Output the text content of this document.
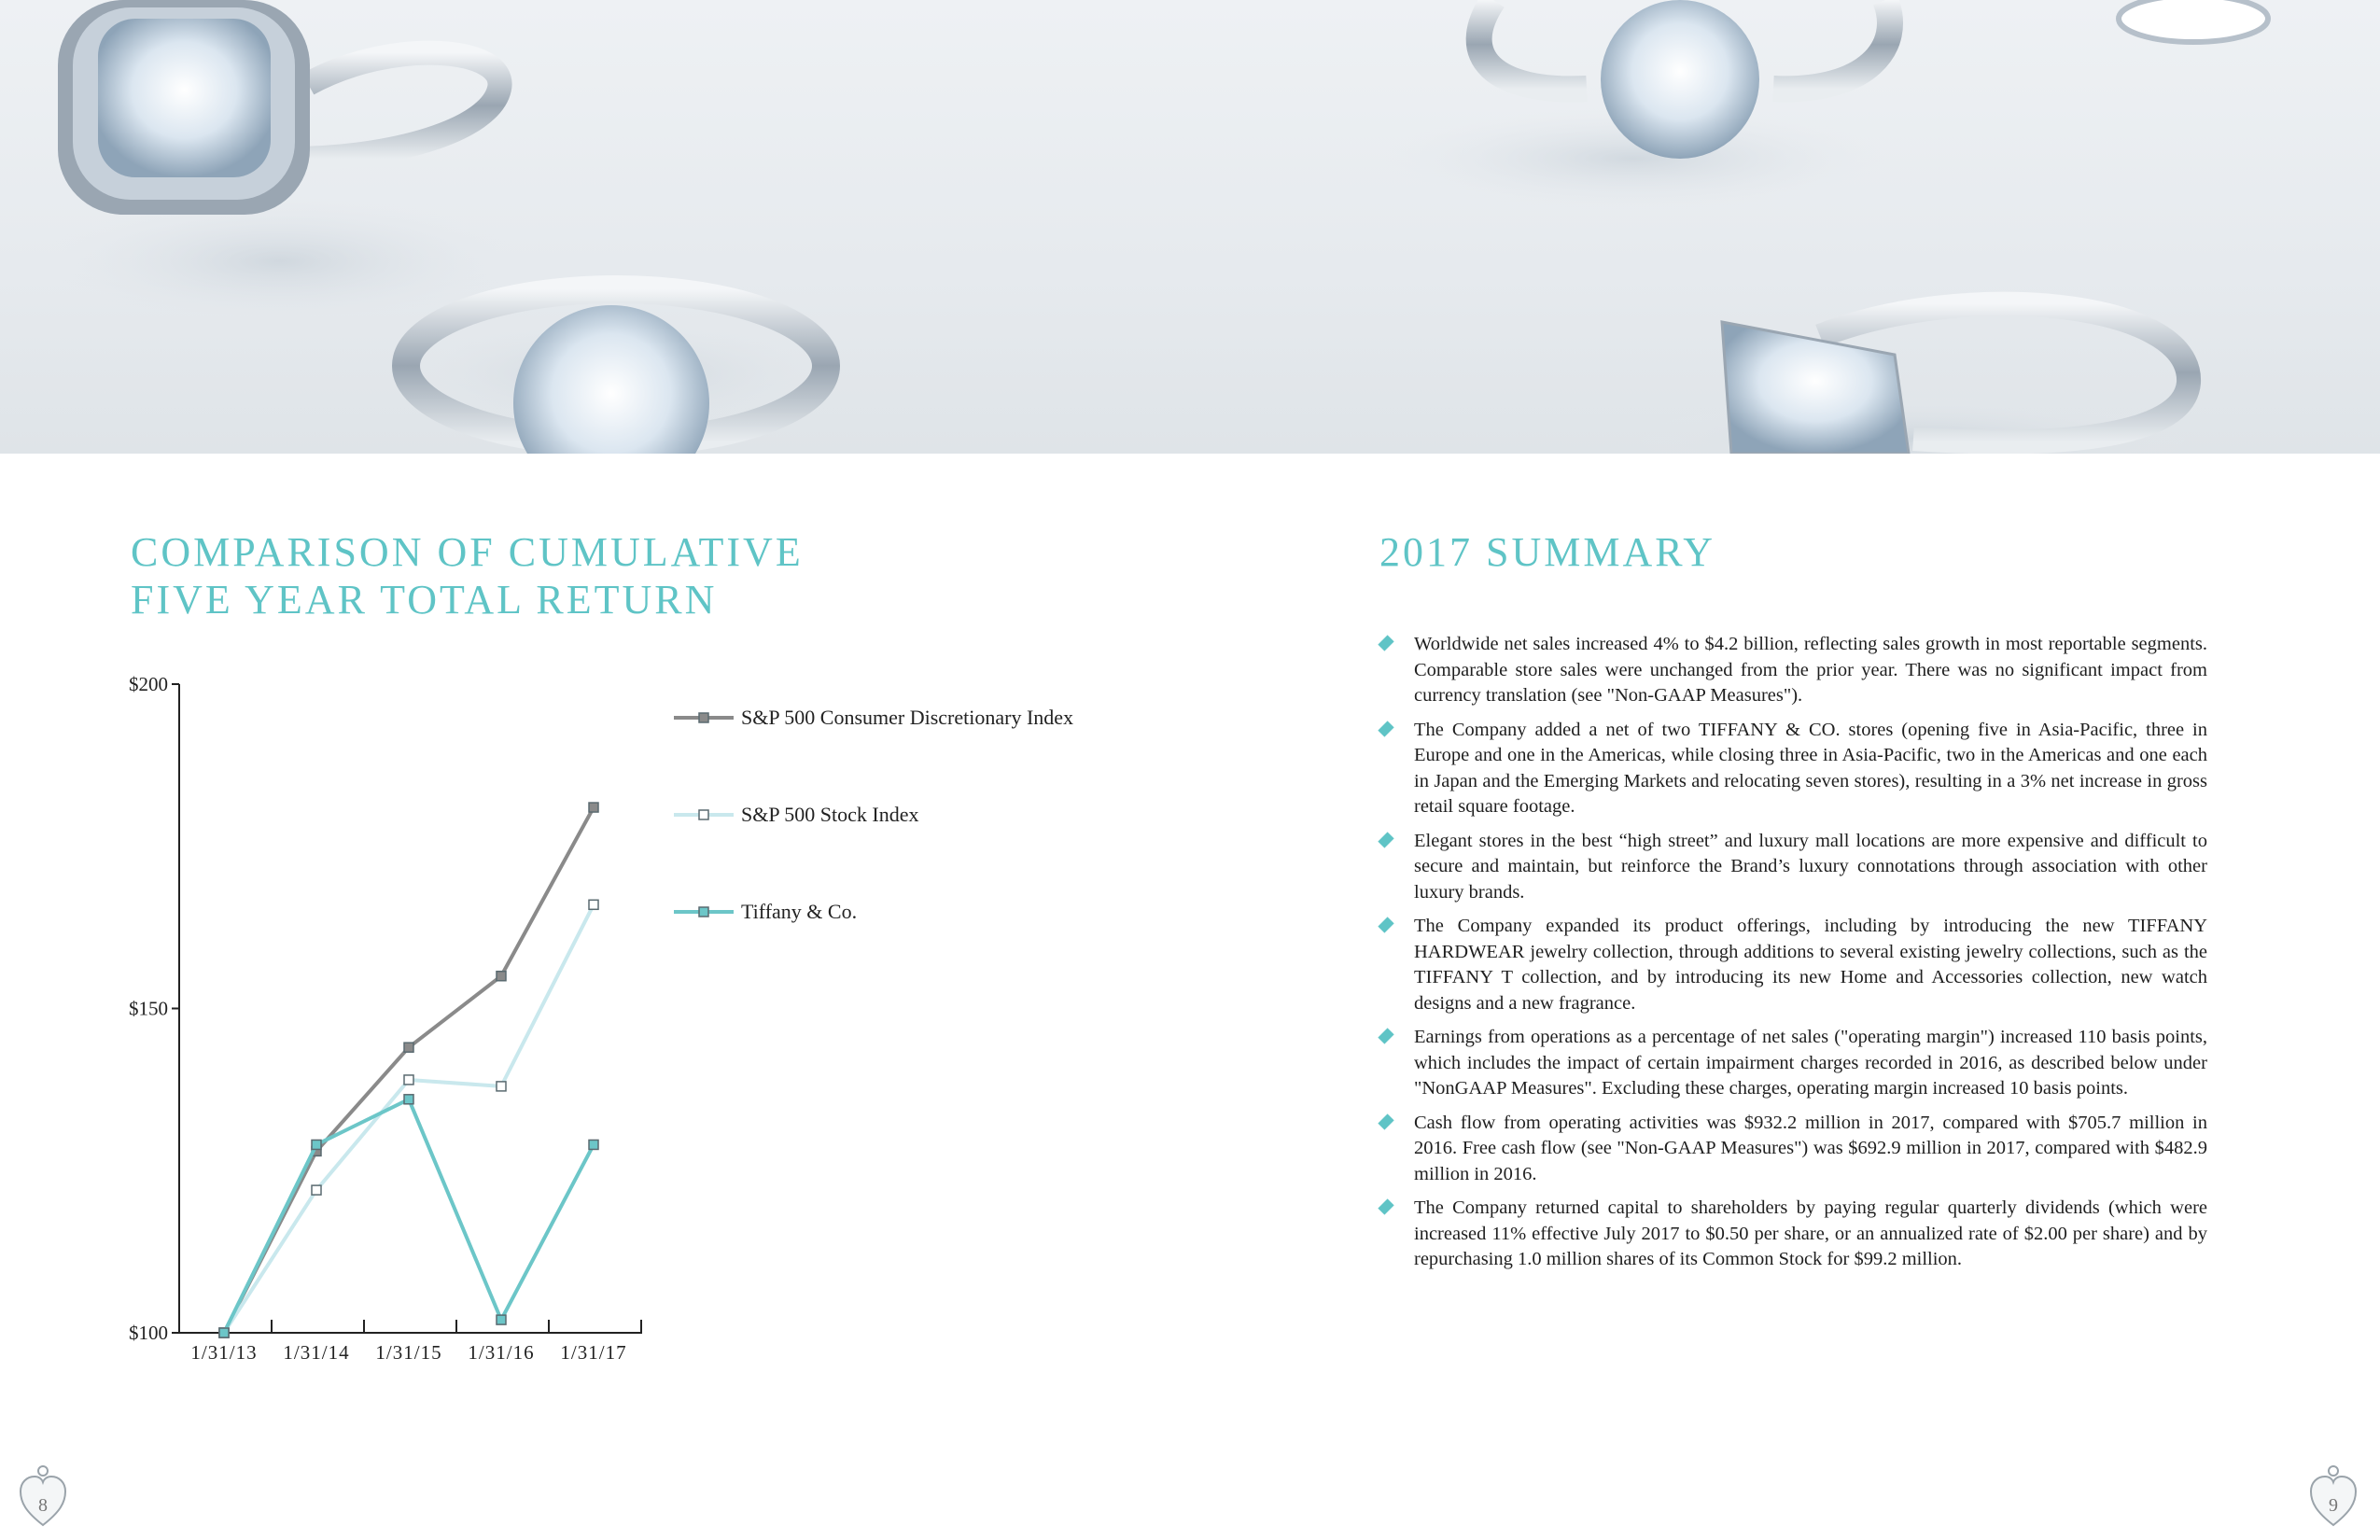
COMPARISON OF CUMULATIVE
FIVE YEAR TOTAL RETURN
$200
$150
$100
1/31/13 1/31/14 1/31/15 1/31/16 1/31/17
S&P 500 Consumer Discretionary Index
S&P 500 Stock Index
Tiffany & Co.
2017 SUMMARY
Worldwide net sales increased 4% to $4.2 billion, reflecting sales growth in most reportable segments. Comparable store sales were unchanged from the prior year. There was no significant impact from currency translation (see "Non-GAAP Measures").
The Company added a net of two TIFFANY & CO. stores (opening five in Asia-Pacific, three in Europe and one in the Americas, while closing three in Asia-Pacific, two in the Americas and one each in Japan and the Emerging Markets and relocating seven stores), resulting in a 3% net increase in gross retail square footage.
Elegant stores in the best “high street” and luxury mall locations are more expensive and difficult to secure and maintain, but reinforce the Brand’s luxury connotations through association with other luxury brands.
The Company expanded its product offerings, including by introducing the new TIFFANY HARDWEAR jewelry collection, through additions to several existing jewelry collections, such as the TIFFANY T collection, and by introducing its new Home and Accessories collection, new watch designs and a new fragrance.
Earnings from operations as a percentage of net sales ("operating margin") increased 110 basis points, which includes the impact of certain impairment charges recorded in 2016, as described below under "NonGAAP Measures". Excluding these charges, operating margin increased 10 basis points.
Cash flow from operating activities was $932.2 million in 2017, compared with $705.7 million in 2016. Free cash flow (see "Non-GAAP Measures") was $692.9 million in 2017, compared with $482.9 million in 2016.
The Company returned capital to shareholders by paying regular quarterly dividends (which were increased 11% effective July 2017 to $0.50 per share, or an annualized rate of $2.00 per share) and by repurchasing 1.0 million shares of its Common Stock for $99.2 million.
8	9
